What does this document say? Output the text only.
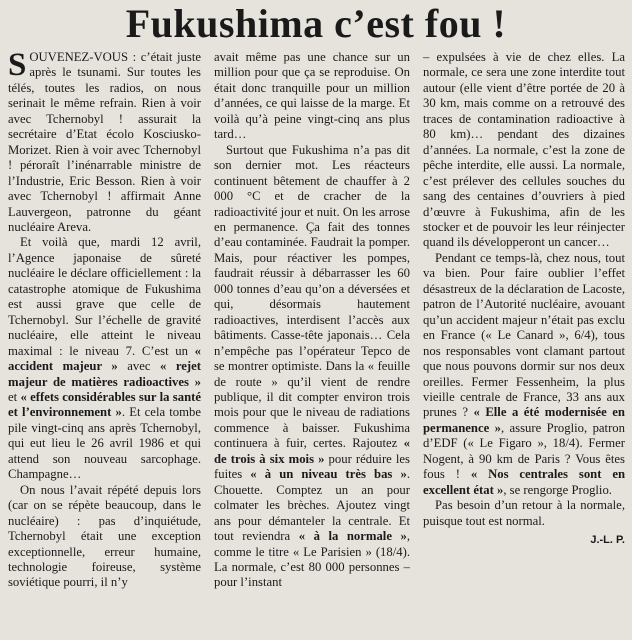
Fukushima c’est fou !

SOUVENEZ-VOUS : c’était juste après le tsunami. Sur toutes les télés, toutes les radios, on nous serinait le même refrain. Rien à voir avec Tchernobyl ! assurait la secrétaire d’Etat écolo Kosciusko-Morizet. Rien à voir avec Tchernobyl ! péroraît l’inénarrable ministre de l’Industrie, Eric Besson. Rien à voir avec Tchernobyl ! affirmait Anne Lauvergeon, patronne du géant nucléaire Areva.

Et voilà que, mardi 12 avril, l’Agence japonaise de sûreté nucléaire le déclare officiellement : la catastrophe atomique de Fukushima est aussi grave que celle de Tchernobyl. Sur l’échelle de gravité nucléaire, elle atteint le niveau maximal : le niveau 7. C’est un « accident majeur » avec « rejet majeur de matières radioactives » et « effets considérables sur la santé et l’environnement ». Et cela tombe pile vingt-cinq ans après Tchernobyl, qui eut lieu le 26 avril 1986 et qui attend son nouveau sarcophage. Champagne…

On nous l’avait répété depuis lors (car on se répète beaucoup, dans le nucléaire) : pas d’inquiétude, Tchernobyl était une exception exceptionnelle, erreur humaine, technologie foireuse, système soviétique pourri, il n’y

avait même pas une chance sur un million pour que ça se reproduise. On était donc tranquille pour un million d’années, ce qui laisse de la marge. Et voilà qu’à peine vingt-cinq ans plus tard…

Surtout que Fukushima n’a pas dit son dernier mot. Les réacteurs continuent bêtement de chauffer à 2 000 °C et de cracher de la radioactivité jour et nuit. On les arrose en permanence. Ça fait des tonnes d’eau contaminée. Faudrait la pomper. Mais, pour réactiver les pompes, faudrait réussir à débarrasser les 60 000 tonnes d’eau qu’on a déversées et qui, désormais hautement radioactives, interdisent l’accès aux bâtiments. Casse-tête japonais… Cela n’empêche pas l’opérateur Tepco de se montrer optimiste. Dans la « feuille de route » qu’il vient de rendre publique, il dit compter environ trois mois pour que le niveau de radiations commence à baisser. Fukushima continuera à fuir, certes. Rajoutez « de trois à six mois » pour réduire les fuites « à un niveau très bas ». Chouette. Comptez un an pour colmater les brèches. Ajoutez vingt ans pour démanteler la centrale. Et tout reviendra « à la normale », comme le titre « Le Parisien » (18/4). La normale, c’est 80 000 personnes – pour l’instant

– expulsées à vie de chez elles. La normale, ce sera une zone interdite tout autour (elle vient d’être portée de 20 à 30 km, mais comme on a retrouvé des traces de contamination radioactive à 80 km)… pendant des dizaines d’années. La normale, c’est la zone de pêche interdite, elle aussi. La normale, c’est prélever des cellules souches du sang des centaines d’ouvriers à pied d’œuvre à Fukushima, afin de les stocker et de pouvoir les leur réinjecter quand ils développeront un cancer…

Pendant ce temps-là, chez nous, tout va bien. Pour faire oublier l’effet désastreux de la déclaration de Lacoste, patron de l’Autorité nucléaire, avouant qu’un accident majeur n’était pas exclu en France (« Le Canard », 6/4), tous nos responsables vont clamant partout que nous pouvons dormir sur nos deux oreilles. Fermer Fessenheim, la plus vieille centrale de France, 33 ans aux prunes ? « Elle a été modernisée en permanence », assure Proglio, patron d’EDF (« Le Figaro », 18/4). Fermer Nogent, à 90 km de Paris ? Vous êtes fous ! « Nos centrales sont en excellent état », se rengorge Proglio.

Pas besoin d’un retour à la normale, puisque tout est normal.

J.-L. P.
